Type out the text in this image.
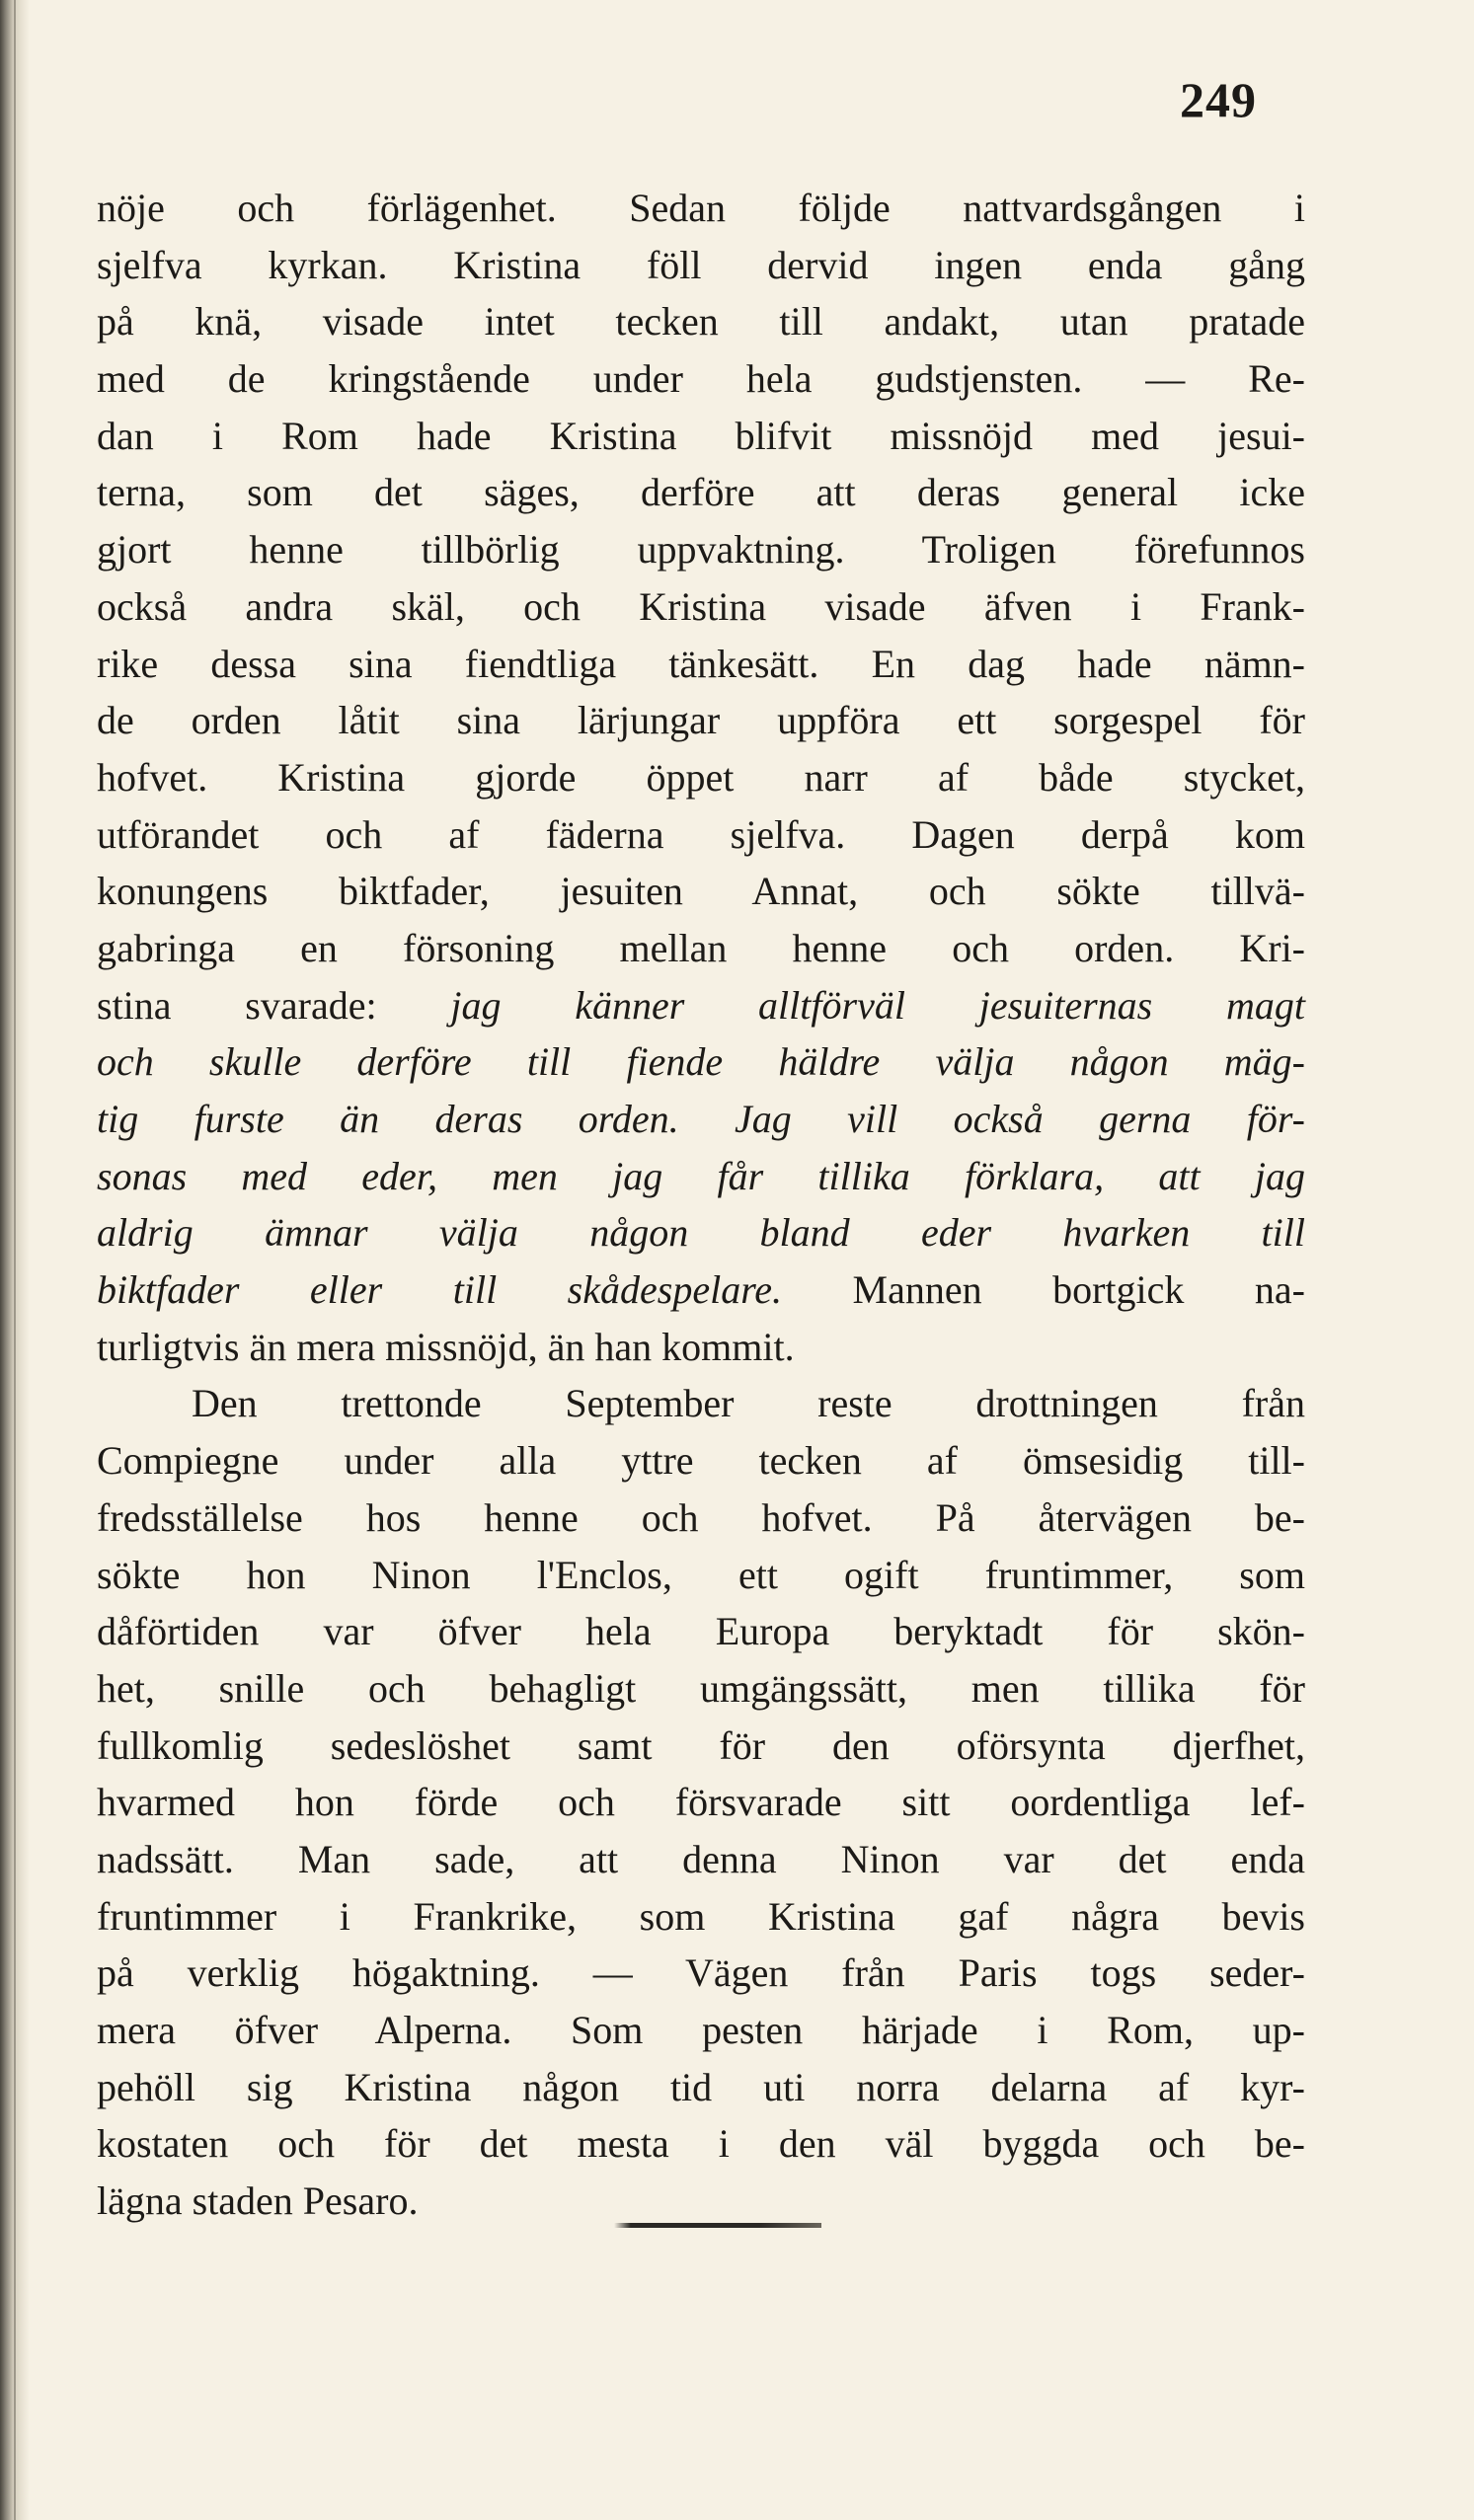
249
nöje och förlägenhet. Sedan följde nattvardsgången i
sjelfva kyrkan. Kristina föll dervid ingen enda gång
på knä, visade intet tecken till andakt, utan pratade
med de kringstående under hela gudstjensten. — Re-
dan i Rom hade Kristina blifvit missnöjd med jesui-
terna, som det säges, derföre att deras general icke
gjort henne tillbörlig uppvaktning. Troligen förefunnos
också andra skäl, och Kristina visade äfven i Frank-
rike dessa sina fiendtliga tänkesätt. En dag hade nämn-
de orden låtit sina lärjungar uppföra ett sorgespel för
hofvet. Kristina gjorde öppet narr af både stycket,
utförandet och af fäderna sjelfva. Dagen derpå kom
konungens biktfader, jesuiten Annat, och sökte tillvä-
gabringa en försoning mellan henne och orden. Kri-
stina svarade: jag känner alltförväl jesuiternas magt
och skulle derföre till fiende häldre välja någon mäg-
tig furste än deras orden. Jag vill också gerna för-
sonas med eder, men jag får tillika förklara, att jag
aldrig ämnar välja någon bland eder hvarken till
biktfader eller till skådespelare. Mannen bortgick na-
turligtvis än mera missnöjd, än han kommit.
Den trettonde September reste drottningen från
Compiegne under alla yttre tecken af ömsesidig till-
fredsställelse hos henne och hofvet. På återvägen be-
sökte hon Ninon l'Enclos, ett ogift fruntimmer, som
dåförtiden var öfver hela Europa beryktadt för skön-
het, snille och behagligt umgängssätt, men tillika för
fullkomlig sedeslöshet samt för den oförsynta djerfhet,
hvarmed hon förde och försvarade sitt oordentliga lef-
nadssätt. Man sade, att denna Ninon var det enda
fruntimmer i Frankrike, som Kristina gaf några bevis
på verklig högaktning. — Vägen från Paris togs seder-
mera öfver Alperna. Som pesten härjade i Rom, up-
pehöll sig Kristina någon tid uti norra delarna af kyr-
kostaten och för det mesta i den väl byggda och be-
lägna staden Pesaro.
